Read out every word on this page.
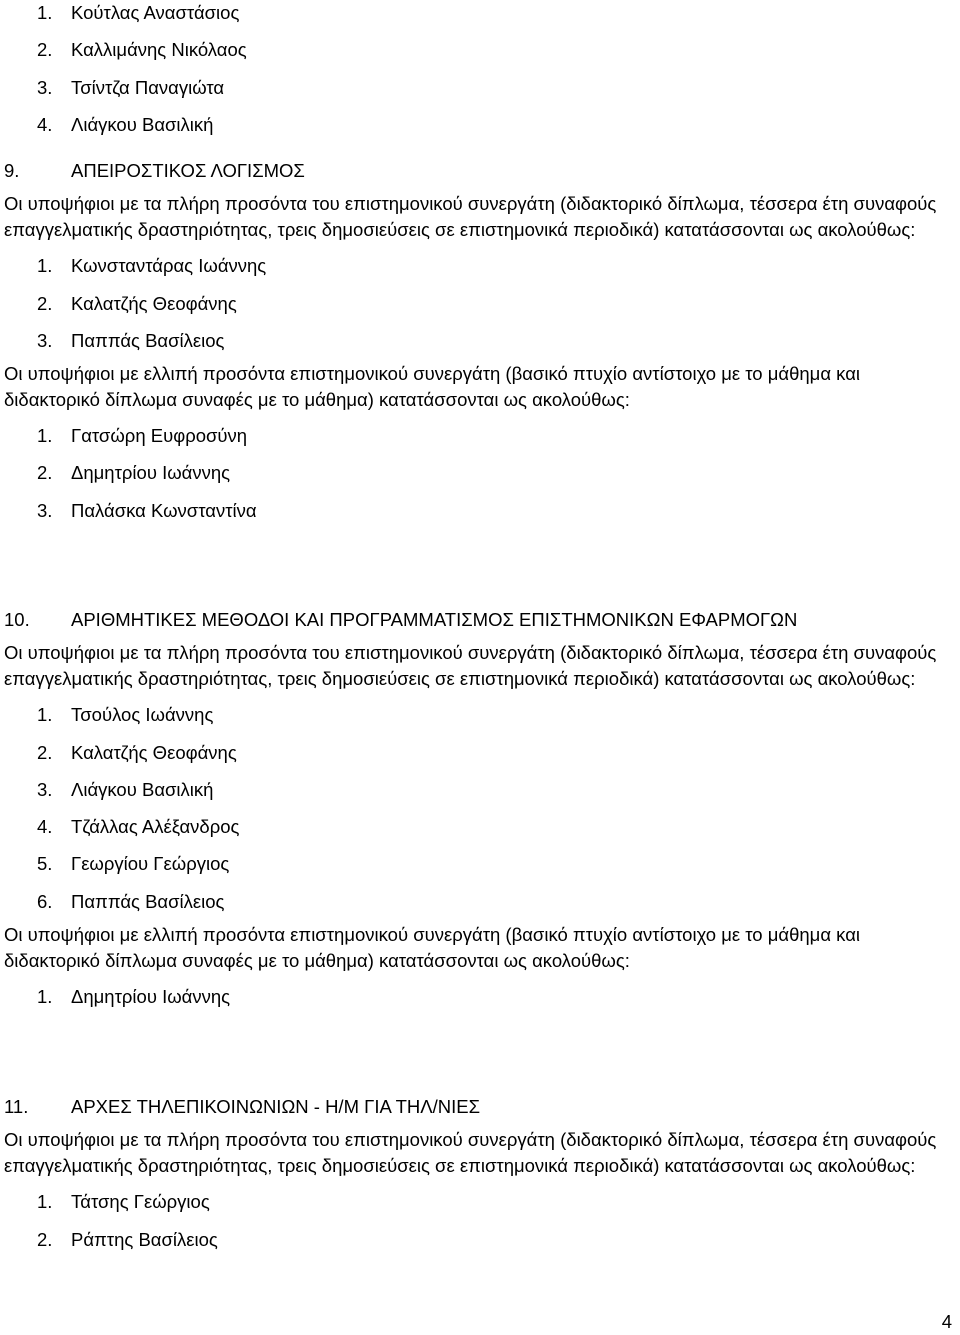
1.	Κούτλας Αναστάσιος
2.	Καλλιμάνης Νικόλαος
3.	Τσίντζα Παναγιώτα
4.	Λιάγκου Βασιλική
9.	ΑΠΕΙΡΟΣΤΙΚΟΣ ΛΟΓΙΣΜΟΣ

Οι υποψήφιοι με τα πλήρη προσόντα του επιστημονικού συνεργάτη (διδακτορικό δίπλωμα, τέσσερα έτη συναφούς επαγγελματικής δραστηριότητας, τρεις δημοσιεύσεις σε επιστημονικά περιοδικά) κατατάσσονται ως ακολούθως:

1.	Κωνσταντάρας Ιωάννης
2.	Καλατζής Θεοφάνης
3.	Παππάς Βασίλειος

Οι υποψήφιοι με ελλιπή προσόντα επιστημονικού συνεργάτη (βασικό πτυχίο αντίστοιχο με το μάθημα και διδακτορικό δίπλωμα συναφές με το μάθημα) κατατάσσονται ως ακολούθως:

1.	Γατσώρη Ευφροσύνη
2.	Δημητρίου Ιωάννης
3.	Παλάσκα Κωνσταντίνα
10.	ΑΡΙΘΜΗΤΙΚΕΣ ΜΕΘΟΔΟΙ ΚΑΙ ΠΡΟΓΡΑΜΜΑΤΙΣΜΟΣ ΕΠΙΣΤΗΜΟΝΙΚΩΝ ΕΦΑΡΜΟΓΩΝ

Οι υποψήφιοι με τα πλήρη προσόντα του επιστημονικού συνεργάτη (διδακτορικό δίπλωμα, τέσσερα έτη συναφούς επαγγελματικής δραστηριότητας, τρεις δημοσιεύσεις σε επιστημονικά περιοδικά) κατατάσσονται ως ακολούθως:

1.	Τσούλος Ιωάννης
2.	Καλατζής Θεοφάνης
3.	Λιάγκου Βασιλική
4.	Τζάλλας Αλέξανδρος
5.	Γεωργίου Γεώργιος
6.	Παππάς Βασίλειος

Οι υποψήφιοι με ελλιπή προσόντα επιστημονικού συνεργάτη (βασικό πτυχίο αντίστοιχο με το μάθημα και διδακτορικό δίπλωμα συναφές με το μάθημα) κατατάσσονται ως ακολούθως:

1.	Δημητρίου Ιωάννης
11.	ΑΡΧΕΣ ΤΗΛΕΠΙΚΟΙΝΩΝΙΩΝ - Η/Μ ΓΙΑ ΤΗΛ/ΝΙΕΣ

Οι υποψήφιοι με τα πλήρη προσόντα του επιστημονικού συνεργάτη (διδακτορικό δίπλωμα, τέσσερα έτη συναφούς επαγγελματικής δραστηριότητας, τρεις δημοσιεύσεις σε επιστημονικά περιοδικά) κατατάσσονται ως ακολούθως:

1.	Τάτσης Γεώργιος
2.	Ράπτης Βασίλειος
4
